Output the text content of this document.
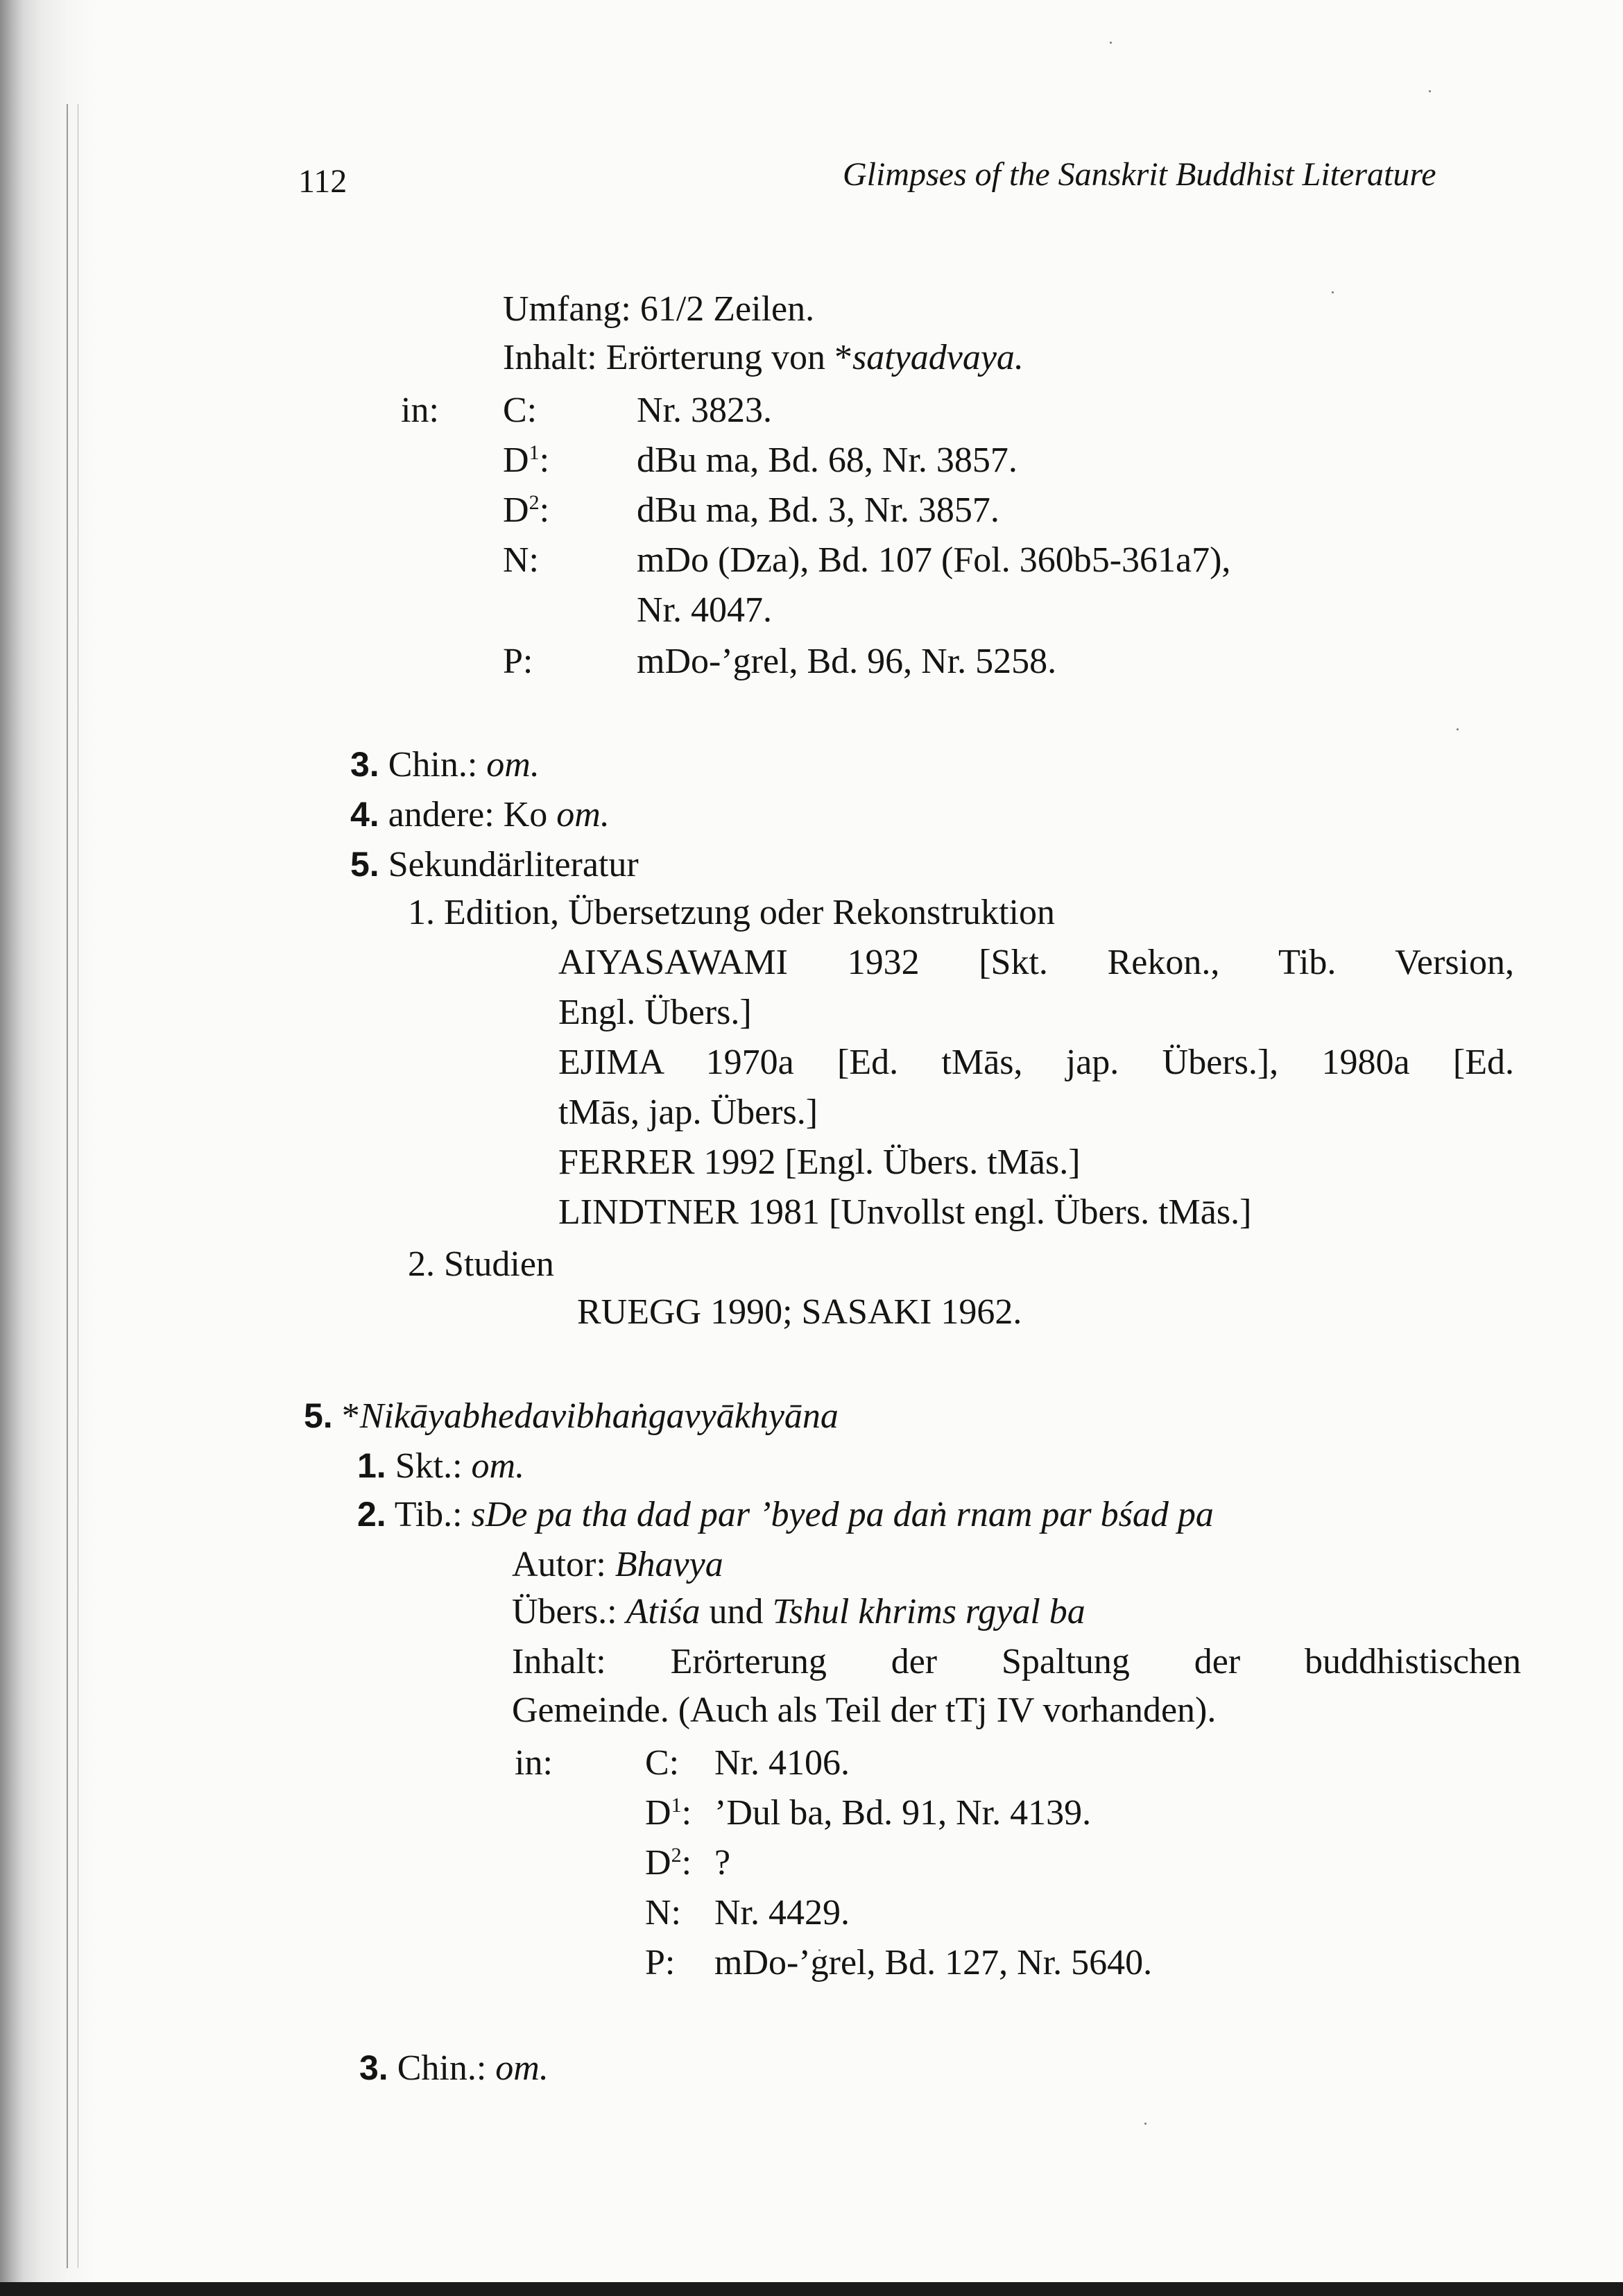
112	Glimpses of the Sanskrit Buddhist Literature
Umfang: 61/2 Zeilen.
Inhalt: Erörterung von *satyadvaya.
in: C:	Nr. 3823.
$D^1$: dBu ma, Bd. 68, Nr. 3857.
$D^2$: dBu ma, Bd. 3, Nr. 3857.
N:	mDo (Dza), Bd. 107 (Fol. 360b5-361a7),
Nr. 4047.
P:	mDo-’grel, Bd. 96, Nr. 5258.
3. Chin.: om.
4. andere: Ko om.
5. Sekundärliteratur
1. Edition, Übersetzung oder Rekonstruktion
AIYASAWAMI 1932 [Skt. Rekon., Tib. Version,
Engl. Übers.]
EJIMA 1970a [Ed. tMās, jap. Übers.], 1980a [Ed.
tMās, jap. Übers.]
FERRER 1992 [Engl. Übers. tMās.]
LINDTNER 1981 [Unvollst engl. Übers. tMās.]
2. Studien
RUEGG 1990; SASAKI 1962.
5. *Nikāyabhedavibhaṅgavyākhyāna
1. Skt.: om.
2. Tib.: sDe pa tha dad par ’byed pa daṅ rnam par bśad pa
Autor: Bhavya
Übers.: Atiśa und Tshul khrims rgyal ba
Inhalt: Erörterung der Spaltung der buddhistischen
Gemeinde. (Auch als Teil der tTj IV vorhanden).
in:	C: Nr. 4106.
$D^1$: ’Dul ba, Bd. 91, Nr. 4139.
$D^2$: ?
N: Nr. 4429.
P: mDo-’grel, Bd. 127, Nr. 5640.
3. Chin.: om.
